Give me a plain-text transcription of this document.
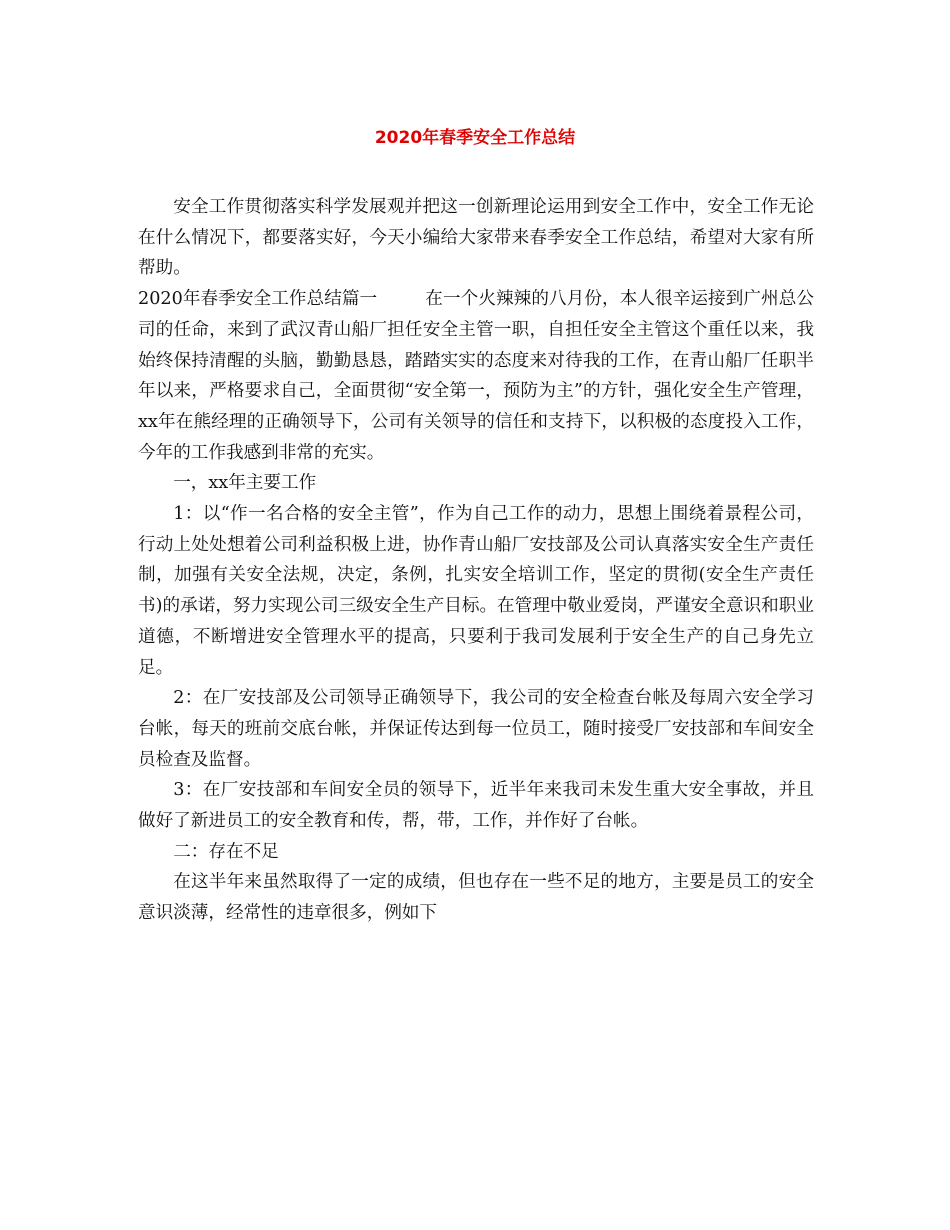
2020年春季安全工作总结

安全工作贯彻落实科学发展观并把这一创新理论运用到安全工作中，安全工作无论在什么情况下，都要落实好，今天小编给大家带来春季安全工作总结，希望对大家有所帮助。

2020年春季安全工作总结篇一	在一个火辣辣的八月份，本人很辛运接到广州总公司的任命，来到了武汉青山船厂担任安全主管一职，自担任安全主管这个重任以来，我始终保持清醒的头脑，勤勤恳恳，踏踏实实的态度来对待我的工作，在青山船厂任职半年以来，严格要求自己，全面贯彻“安全第一，预防为主”的方针，强化安全生产管理，xx年在熊经理的正确领导下，公司有关领导的信任和支持下，以积极的态度投入工作，今年的工作我感到非常的充实。

一，xx年主要工作

1：以“作一名合格的安全主管”，作为自己工作的动力，思想上围绕着景程公司，行动上处处想着公司利益积极上进，协作青山船厂安技部及公司认真落实安全生产责任制，加强有关安全法规，决定，条例，扎实安全培训工作，坚定的贯彻(安全生产责任书)的承诺，努力实现公司三级安全生产目标。在管理中敬业爱岗，严谨安全意识和职业道德，不断增进安全管理水平的提高，只要利于我司发展利于安全生产的自己身先立足。

2：在厂安技部及公司领导正确领导下，我公司的安全检查台帐及每周六安全学习台帐，每天的班前交底台帐，并保证传达到每一位员工，随时接受厂安技部和车间安全员检查及监督。

3：在厂安技部和车间安全员的领导下，近半年来我司未发生重大安全事故，并且做好了新进员工的安全教育和传，帮，带，工作，并作好了台帐。

二：存在不足

在这半年来虽然取得了一定的成绩，但也存在一些不足的地方，主要是员工的安全意识淡薄，经常性的违章很多，例如下
